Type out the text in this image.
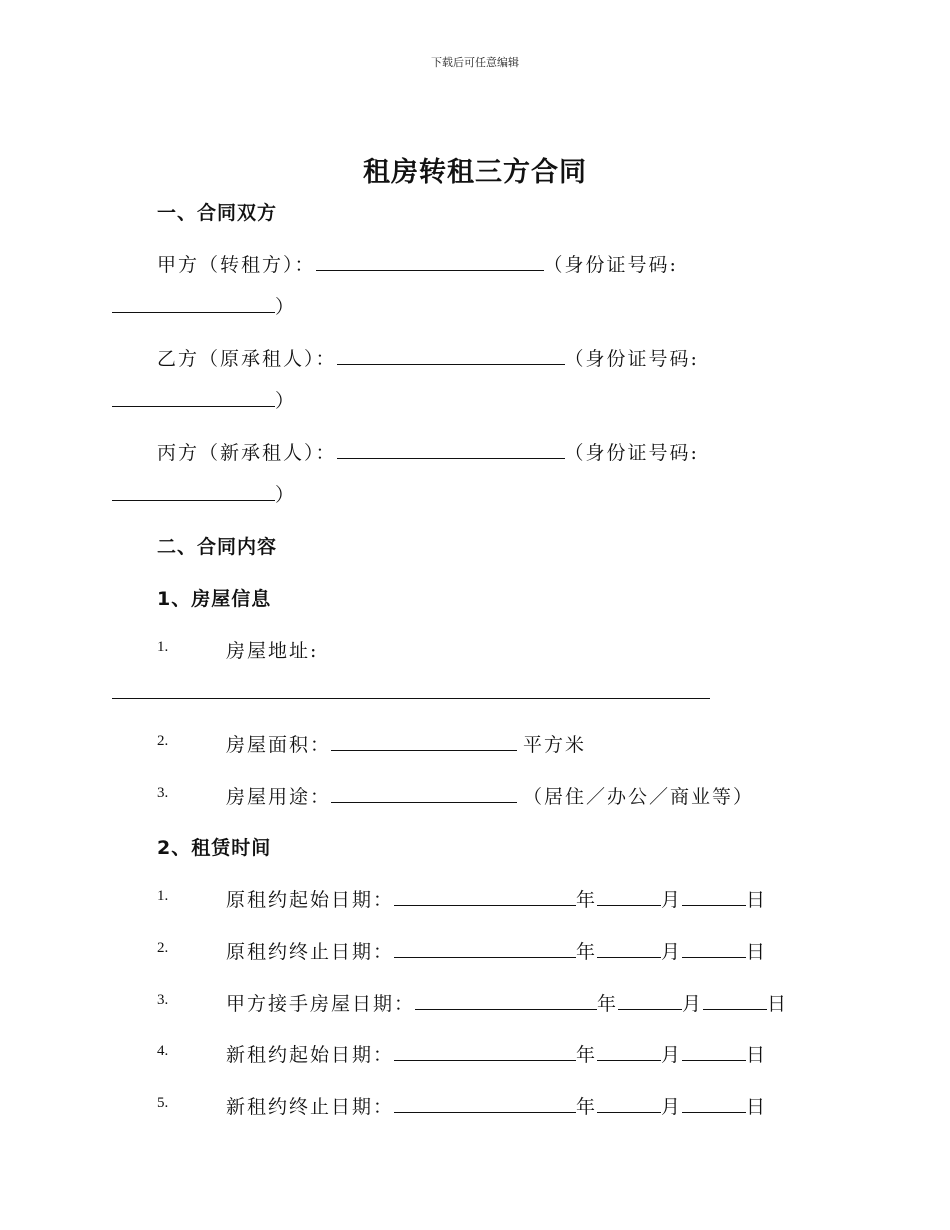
下载后可任意编辑
租房转租三方合同
一、合同双方
甲方（转租方）：	（身份证号码:
）
乙方（原承租人）：	（身份证号码:
）
丙方（新承租人）：	（身份证号码:
）
二、合同内容
1、房屋信息
1.	房屋地址:
2.	房屋面积：	平方米
3.	房屋用途：	（居住／办公／商业等）
2、租赁时间
1.	原租约起始日期：	年	月	日
2.	原租约终止日期：	年	月	日
3.	甲方接手房屋日期：	年	月	日
4.	新租约起始日期：	年	月	日
5.	新租约终止日期：	年	月	日
